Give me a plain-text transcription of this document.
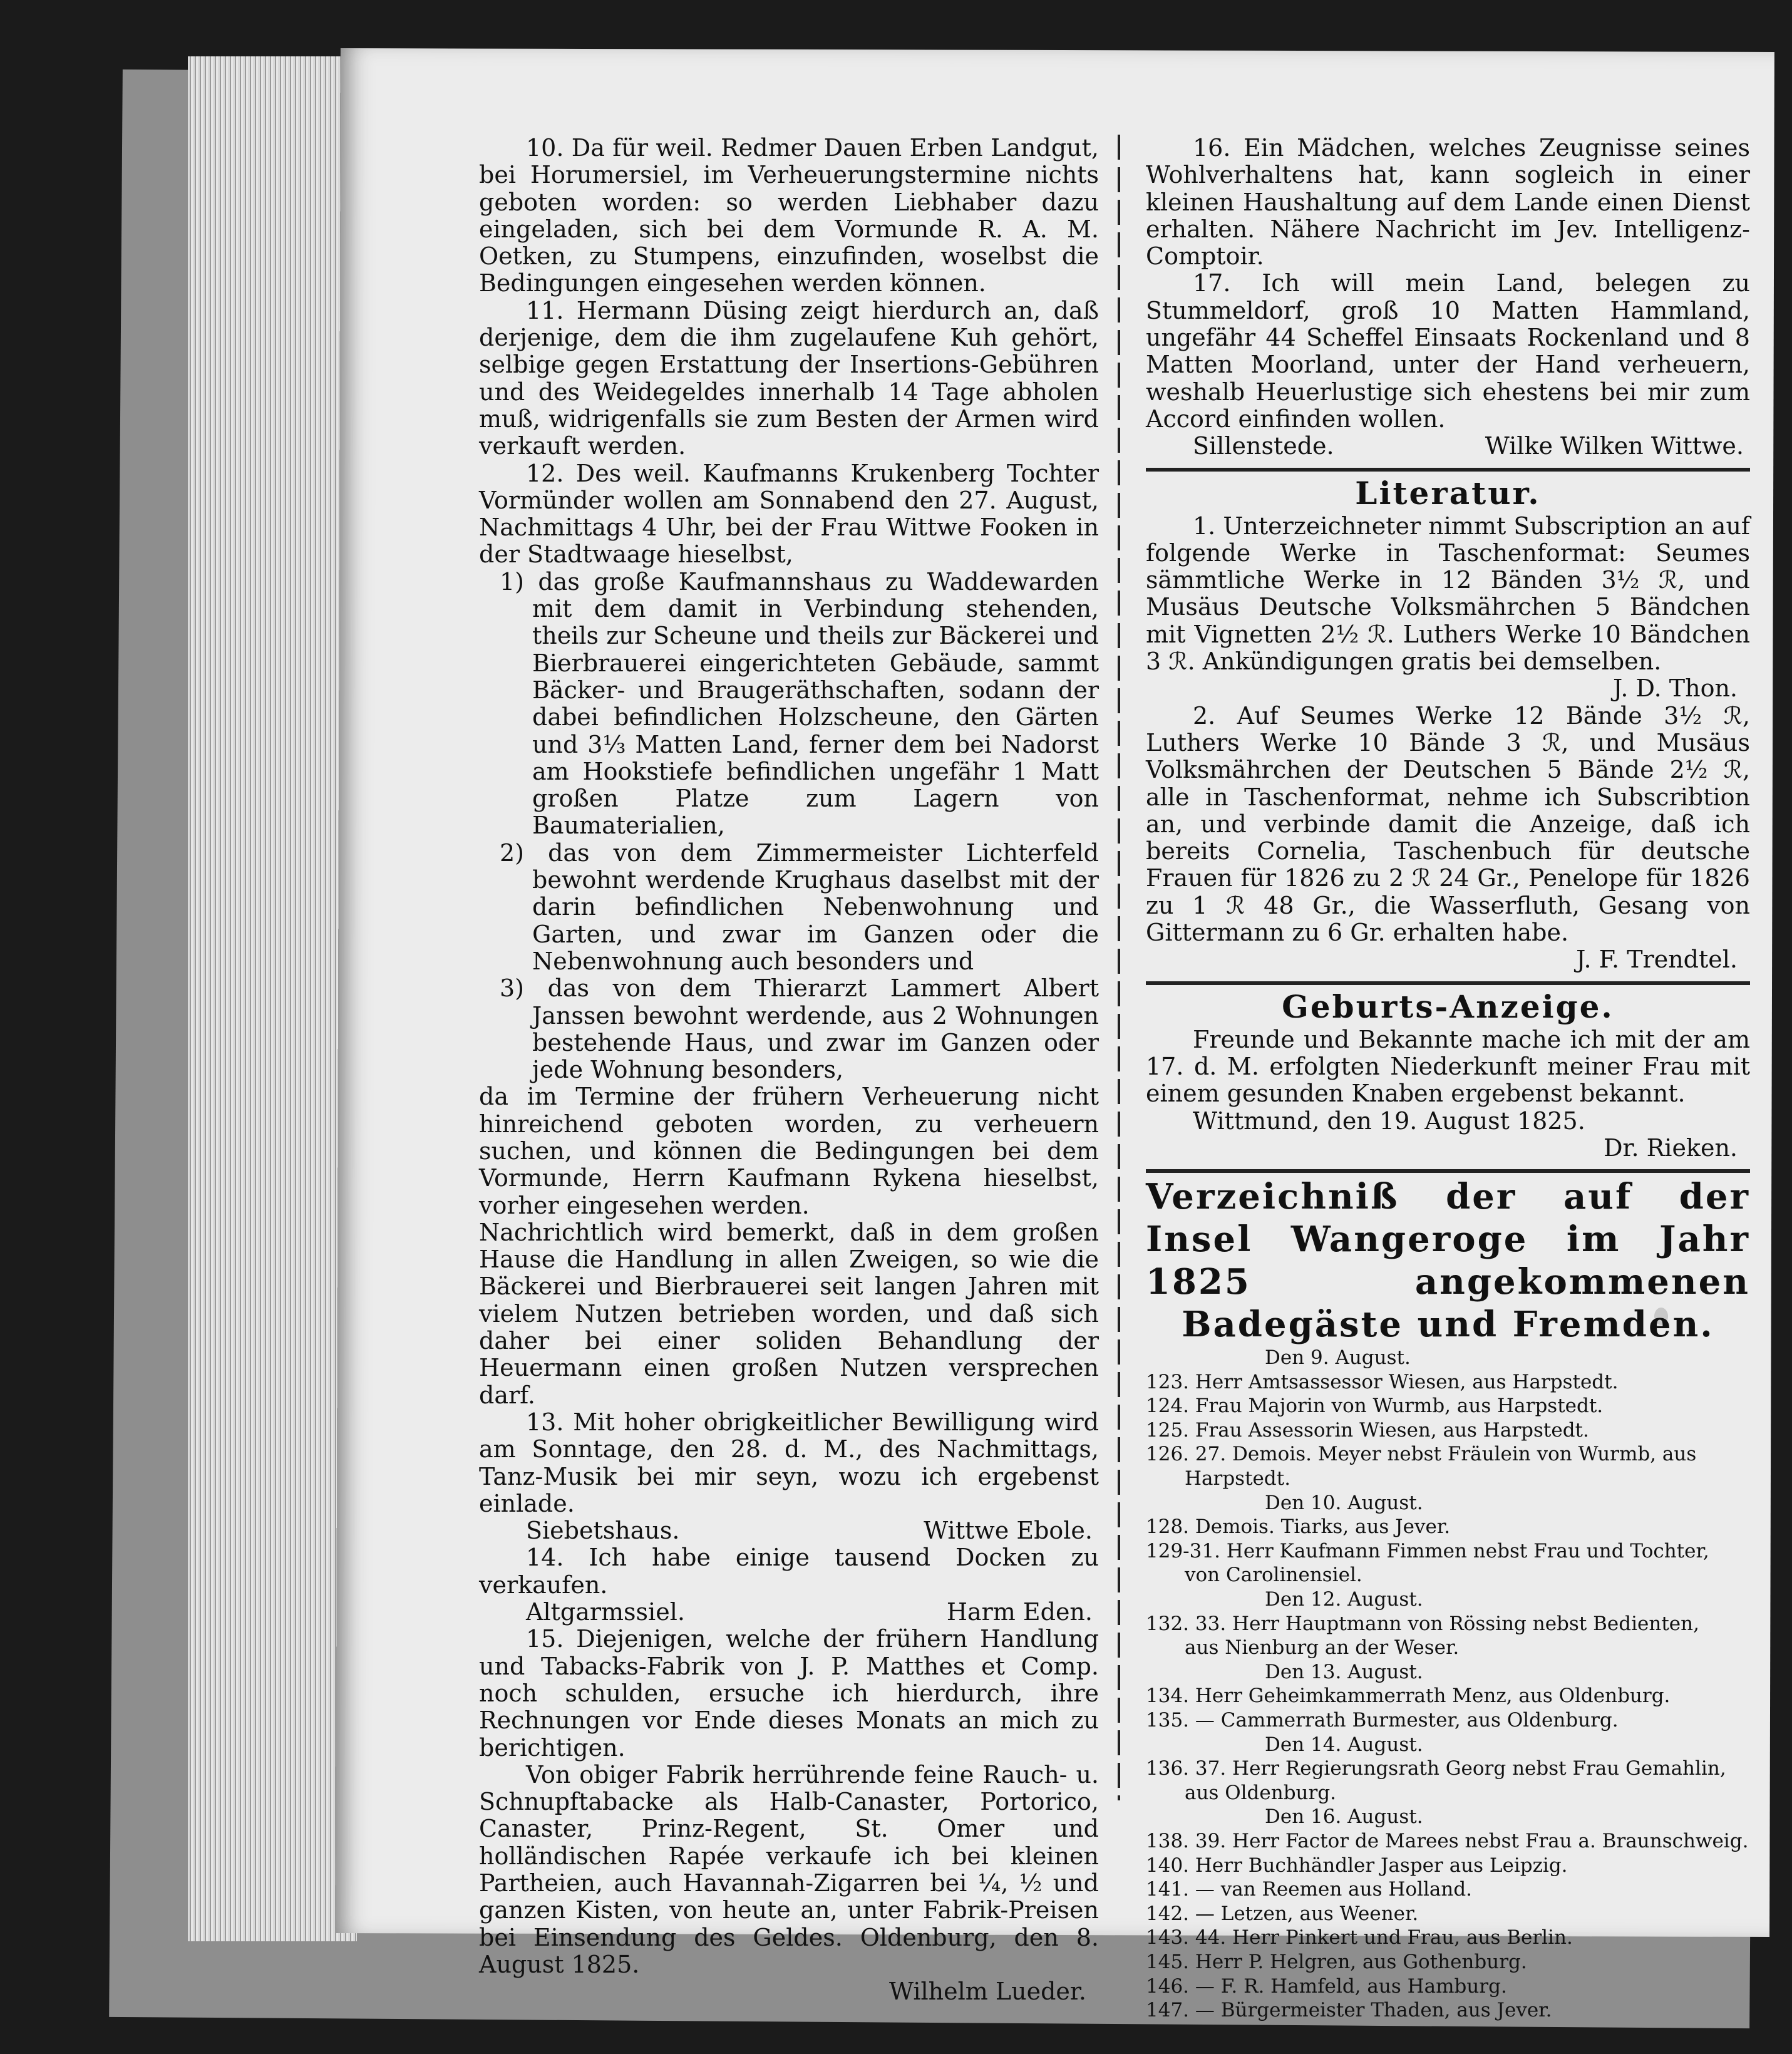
10. Da für weil. Redmer Dauen Erben Landgut, bei Horumersiel, im Verheuerungstermine nichts geboten worden: so werden Liebhaber dazu eingeladen, sich bei dem Vormunde R. A. M. Oetken, zu Stumpens, einzufinden, woselbst die Bedingungen eingesehen werden können.

11. Hermann Düsing zeigt hierdurch an, daß derjenige, dem die ihm zugelaufene Kuh gehört, selbige gegen Erstattung der Insertions-Gebühren und des Weidegeldes innerhalb 14 Tage abholen muß, widrigenfalls sie zum Besten der Armen wird verkauft werden.

12. Des weil. Kaufmanns Krukenberg Tochter Vormünder wollen am Sonnabend den 27. August, Nachmittags 4 Uhr, bei der Frau Wittwe Fooken in der Stadtwaage hieselbst,

1) das große Kaufmannshaus zu Waddewarden mit dem damit in Verbindung stehenden, theils zur Scheune und theils zur Bäckerei und Bierbrauerei eingerichteten Gebäude, sammt Bäcker- und Braugeräthschaften, sodann der dabei befindlichen Holzscheune, den Gärten und 3⅓ Matten Land, ferner dem bei Nadorst am Hookstiefe befindlichen ungefähr 1 Matt großen Platze zum Lagern von Baumaterialien,
2) das von dem Zimmermeister Lichterfeld bewohnt werdende Krughaus daselbst mit der darin befindlichen Nebenwohnung und Garten, und zwar im Ganzen oder die Nebenwohnung auch besonders und
3) das von dem Thierarzt Lammert Albert Janssen bewohnt werdende, aus 2 Wohnungen bestehende Haus, und zwar im Ganzen oder jede Wohnung besonders,

da im Termine der frühern Verheuerung nicht hinreichend geboten worden, zu verheuern suchen, und können die Bedingungen bei dem Vormunde, Herrn Kaufmann Rykena hieselbst, vorher eingesehen werden.

Nachrichtlich wird bemerkt, daß in dem großen Hause die Handlung in allen Zweigen, so wie die Bäckerei und Bierbrauerei seit langen Jahren mit vielem Nutzen betrieben worden, und daß sich daher bei einer soliden Behandlung der Heuermann einen großen Nutzen versprechen darf.

13. Mit hoher obrigkeitlicher Bewilligung wird am Sonntage, den 28. d. M., des Nachmittags, Tanz-Musik bei mir seyn, wozu ich ergebenst einlade.

Siebetshaus.	Wittwe Ebole.

14. Ich habe einige tausend Docken zu verkaufen.

Altgarmssiel.	Harm Eden.

15. Diejenigen, welche der frühern Handlung und Tabacks-Fabrik von J. P. Matthes et Comp. noch schulden, ersuche ich hierdurch, ihre Rechnungen vor Ende dieses Monats an mich zu berichtigen.

Von obiger Fabrik herrührende feine Rauch- u. Schnupftabacke als Halb-Canaster, Portorico, Canaster, Prinz-Regent, St. Omer und holländischen Rapée verkaufe ich bei kleinen Partheien, auch Havannah-Zigarren bei ¼, ½ und ganzen Kisten, von heute an, unter Fabrik-Preisen bei Einsendung des Geldes. Oldenburg, den 8. August 1825.

Wilhelm Lueder.

16. Ein Mädchen, welches Zeugnisse seines Wohlverhaltens hat, kann sogleich in einer kleinen Haushaltung auf dem Lande einen Dienst erhalten. Nähere Nachricht im Jev. Intelligenz-Comptoir.

17. Ich will mein Land, belegen zu Stummeldorf, groß 10 Matten Hammland, ungefähr 44 Scheffel Einsaats Rockenland und 8 Matten Moorland, unter der Hand verheuern, weshalb Heuerlustige sich ehestens bei mir zum Accord einfinden wollen.

Sillenstede.	Wilke Wilken Wittwe.
Literatur.

1. Unterzeichneter nimmt Subscription an auf folgende Werke in Taschenformat: Seumes sämmtliche Werke in 12 Bänden 3½ ℛ, und Musäus Deutsche Volksmährchen 5 Bändchen mit Vignetten 2½ ℛ. Luthers Werke 10 Bändchen 3 ℛ. Ankündigungen gratis bei demselben.

J. D. Thon.

2. Auf Seumes Werke 12 Bände 3½ ℛ, Luthers Werke 10 Bände 3 ℛ, und Musäus Volksmährchen der Deutschen 5 Bände 2½ ℛ, alle in Taschenformat, nehme ich Subscribtion an, und verbinde damit die Anzeige, daß ich bereits Cornelia, Taschenbuch für deutsche Frauen für 1826 zu 2 ℛ 24 Gr., Penelope für 1826 zu 1 ℛ 48 Gr., die Wasserfluth, Gesang von Gittermann zu 6 Gr. erhalten habe.

J. F. Trendtel.
Geburts-Anzeige.

Freunde und Bekannte mache ich mit der am 17. d. M. erfolgten Niederkunft meiner Frau mit einem gesunden Knaben ergebenst bekannt.

Wittmund, den 19. August 1825.

Dr. Rieken.
Verzeichniß der auf der Insel Wangeroge im Jahr 1825 angekommenen Badegäste und Fremden.
Den 9. August.
123. Herr Amtsassessor Wiesen, aus Harpstedt.
124. Frau Majorin von Wurmb, aus Harpstedt.
125. Frau Assessorin Wiesen, aus Harpstedt.
126. 27. Demois. Meyer nebst Fräulein von Wurmb, aus
Harpstedt.
Den 10. August.
128. Demois. Tiarks, aus Jever.
129-31. Herr Kaufmann Fimmen nebst Frau und Tochter,
von Carolinensiel.
Den 12. August.
132. 33. Herr Hauptmann von Rössing nebst Bedienten,
aus Nienburg an der Weser.
Den 13. August.
134. Herr Geheimkammerrath Menz, aus Oldenburg.
135. — Cammerrath Burmester, aus Oldenburg.
Den 14. August.
136. 37. Herr Regierungsrath Georg nebst Frau Gemahlin,
aus Oldenburg.
Den 16. August.
138. 39. Herr Factor de Marees nebst Frau a. Braunschweig.
140. Herr Buchhändler Jasper aus Leipzig.
141. — van Reemen aus Holland.
142. — Letzen, aus Weener.
143. 44. Herr Pinkert und Frau, aus Berlin.
145. Herr P. Helgren, aus Gothenburg.
146. — F. R. Hamfeld, aus Hamburg.
147. — Bürgermeister Thaden, aus Jever.
